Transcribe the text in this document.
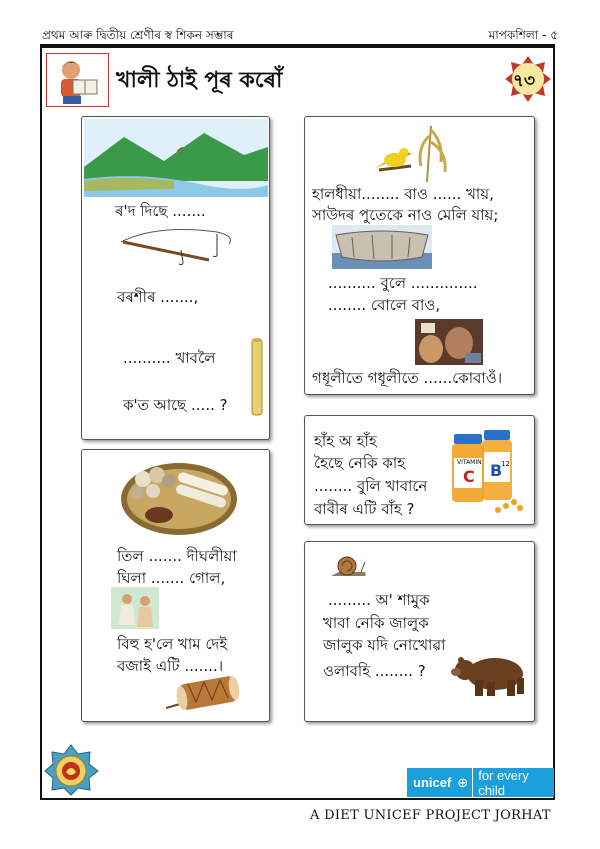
প্ৰথম আৰু দ্বিতীয় শ্ৰেণীৰ স্ব শিকন সম্ভাৰ	মাপকশিলা - ৫
খালী ঠাই পূৰ কৰোঁ	৭৩
ৰ'দ দিছে .......
বৰশীৰ .......,
.......... খাবলৈ
ক'ত আছে ..... ?
হালধীয়া........ বাও ...... খায়,
সাউদৰ পুতেকে নাও মেলি যায়;
.......... বুলে ..............
........ বোলে বাও,
গধূলীতে গধূলীতে ......কোবাওঁ।
তিল ....... দীঘলীয়া
ঘিলা ....... গোল,
বিহু হ'লে খাম দেই
বজাই এটি .......।
হাঁহ অ হাঁহ
হৈছে নেকি কাহ
........ বুলি খাবানে
বাবীৰ এটি বাঁহ ?
VITAMIN
C B
12
......... অ' শামুক
খাবা নেকি জালুক
জালুক যদি নোখোৱা
ওলাবহি ........ ?
unicef ⊕ for every child
A DIET UNICEF PROJECT JORHAT
